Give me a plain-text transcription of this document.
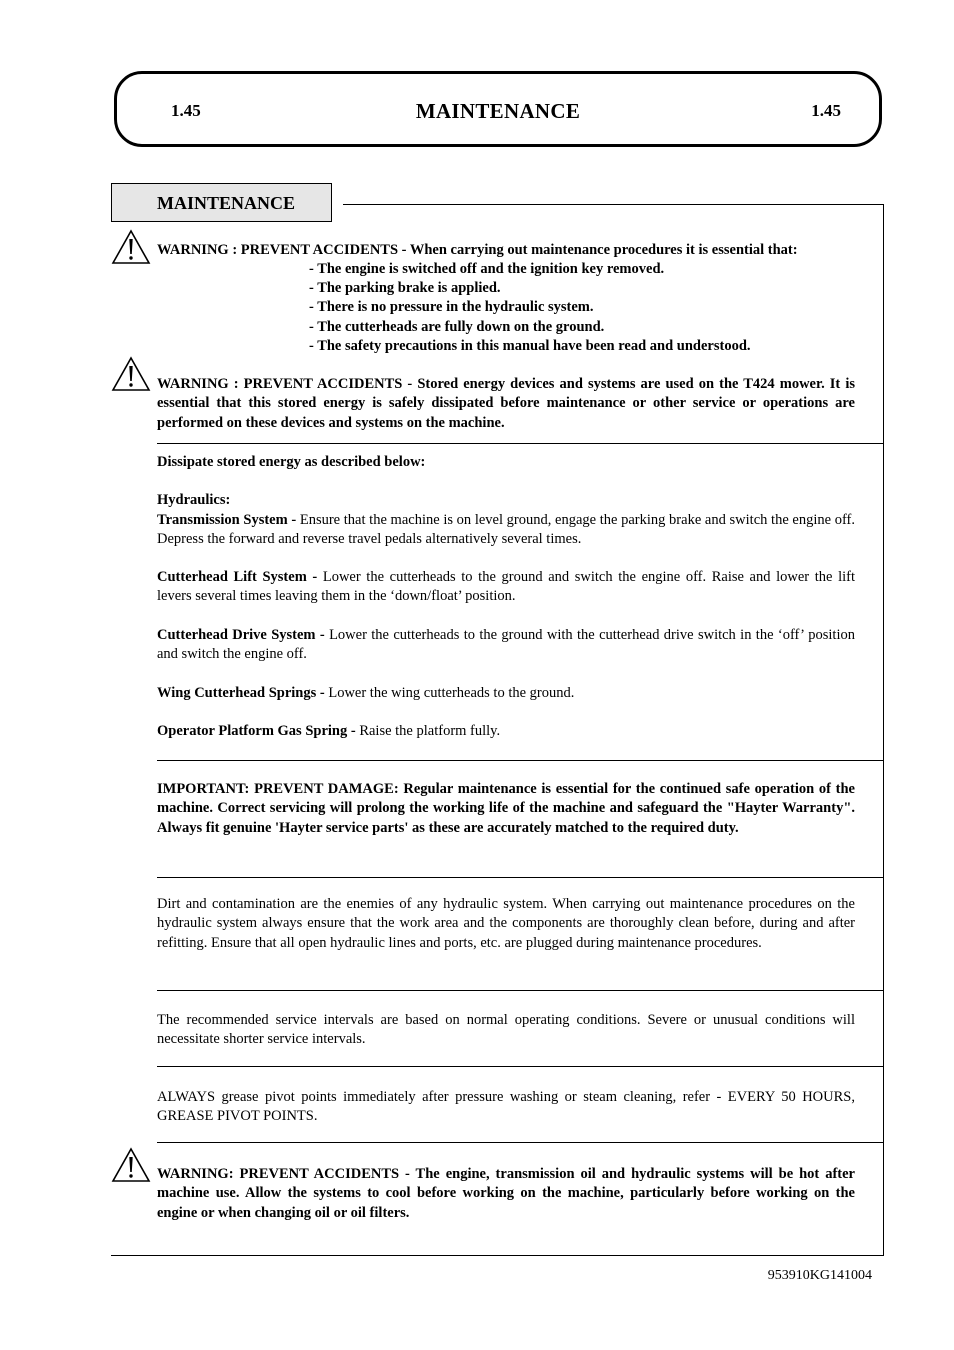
1.45	MAINTENANCE	1.45
MAINTENANCE
WARNING : PREVENT ACCIDENTS - When carrying out maintenance procedures it is essential that:
- The engine is switched off and the ignition key removed.
- The parking brake is applied.
- There is no pressure in the hydraulic system.
- The cutterheads are fully down on the ground.
- The safety precautions in this manual have been read and understood.
WARNING : PREVENT ACCIDENTS - Stored energy devices and systems are used on the T424 mower. It is essential that this stored energy is safely dissipated before maintenance or other service or operations are performed on these devices and systems on the machine.
Dissipate stored energy as described below:
Hydraulics:
Transmission System - Ensure that the machine is on level ground, engage the parking brake and switch the engine off. Depress the forward and reverse travel pedals alternatively several times.
Cutterhead Lift System - Lower the cutterheads to the ground and switch the engine off. Raise and lower the lift levers several times leaving them in the ‘down/float’ position.
Cutterhead Drive System - Lower the cutterheads to the ground with the cutterhead drive switch in the ‘off’ position and switch the engine off.
Wing Cutterhead Springs - Lower the wing cutterheads to the ground.
Operator Platform Gas Spring - Raise the platform fully.
IMPORTANT: PREVENT DAMAGE: Regular maintenance is essential for the continued safe operation of the machine. Correct servicing will prolong the working life of the machine and safeguard the "Hayter Warranty". Always fit genuine 'Hayter service parts' as these are accurately matched to the required duty.
Dirt and contamination are the enemies of any hydraulic system. When carrying out maintenance procedures on the hydraulic system always ensure that the work area and the components are thoroughly clean before, during and after refitting. Ensure that all open hydraulic lines and ports, etc. are plugged during maintenance procedures.
The recommended service intervals are based on normal operating conditions. Severe or unusual conditions will necessitate shorter service intervals.
ALWAYS grease pivot points immediately after pressure washing or steam cleaning, refer - EVERY 50 HOURS, GREASE PIVOT POINTS.
WARNING: PREVENT ACCIDENTS - The engine, transmission oil and hydraulic systems will be hot after machine use. Allow the systems to cool before working on the machine, particularly before working on the engine or when changing oil or oil filters.
953910KG141004
